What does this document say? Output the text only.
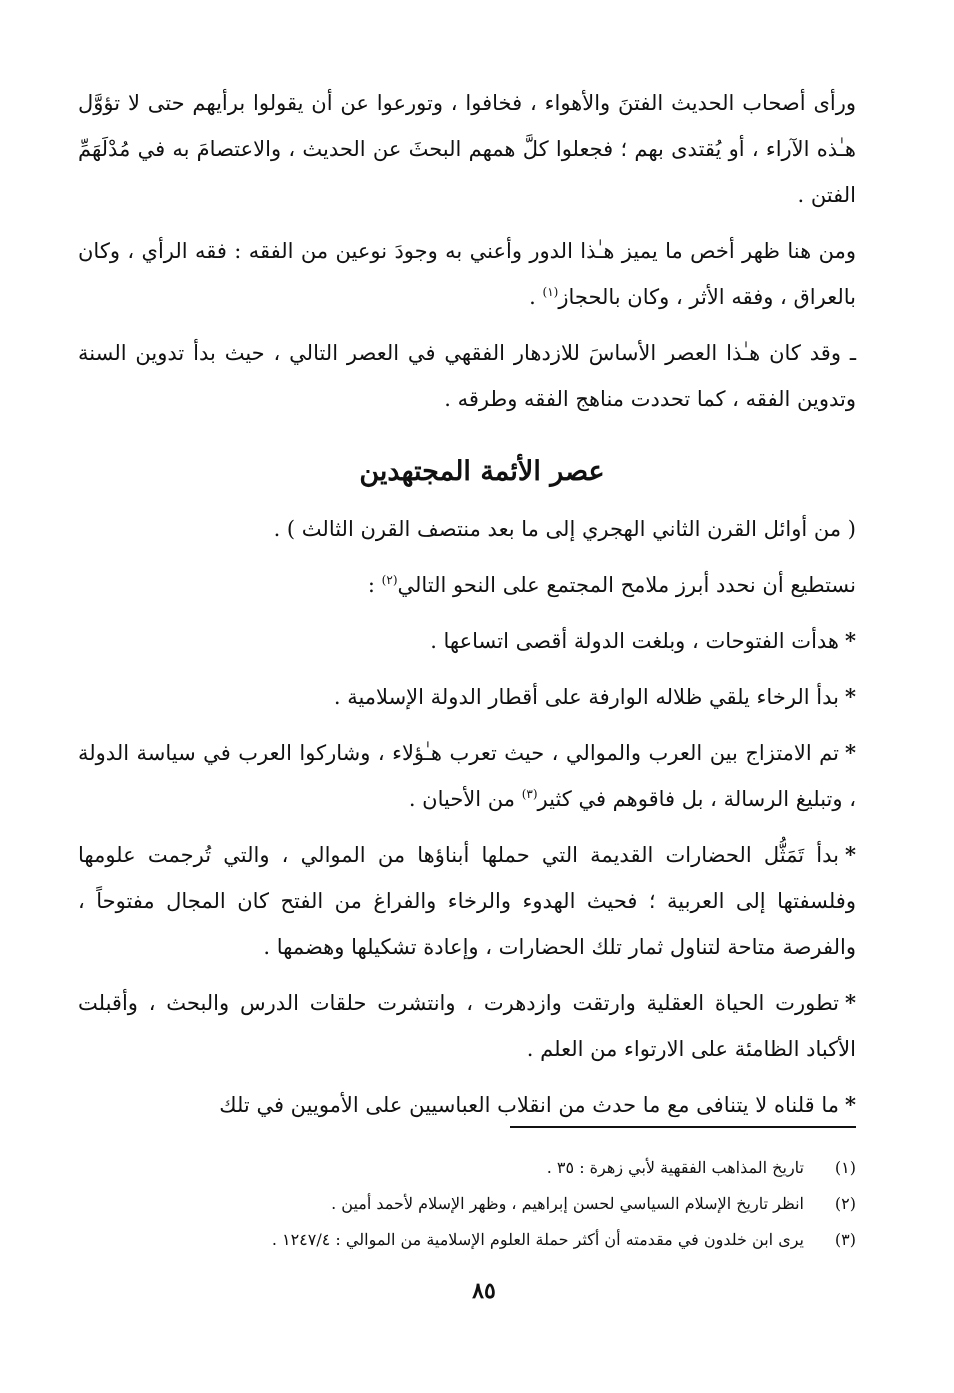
ورأى أصحاب الحديث الفتنَ والأهواء ، فخافوا ، وتورعوا عن أن يقولوا برأيهم حتى لا تؤوَّل هـٰذه الآراء ، أو يُقتدى بهم ؛ فجعلوا كلَّ همهم البحثَ عن الحديث ، والاعتصامَ به في مُدْلَهَمِّ الفتن .

ومن هنا ظهر أخص ما يميز هـٰذا الدور وأعني به وجودَ نوعين من الفقه : فقه الرأي ، وكان بالعراق ، وفقه الأثر ، وكان بالحجاز$^{(١)}$ .

ـ وقد كان هـٰذا العصر الأساسَ للازدهار الفقهي في العصر التالي ، حيث بدأ تدوين السنة وتدوين الفقه ، كما تحددت مناهج الفقه وطرقه .

عصر الأئمة المجتهدين

( من أوائل القرن الثاني الهجري إلى ما بعد منتصف القرن الثالث ) .

نستطيع أن نحدد أبرز ملامح المجتمع على النحو التالي$^{(٢)}$ :

*هدأت الفتوحات ، وبلغت الدولة أقصى اتساعها .

*بدأ الرخاء يلقي ظلاله الوارفة على أقطار الدولة الإسلامية .

*تم الامتزاج بين العرب والموالي ، حيث تعرب هـٰؤلاء ، وشاركوا العرب في سياسة الدولة ، وتبليغ الرسالة ، بل فاقوهم في كثير$^{(٣)}$ من الأحيان .

*بدأ تَمَثُّل الحضارات القديمة التي حملها أبناؤها من الموالي ، والتي تُرجمت علومها وفلسفتها إلى العربية ؛ فحيث الهدوء والرخاء والفراغ من الفتح كان المجال مفتوحاً ، والفرصة متاحة لتناول ثمار تلك الحضارات ، وإعادة تشكيلها وهضمها .

*تطورت الحياة العقلية وارتقت وازدهرت ، وانتشرت حلقات الدرس والبحث ، وأقبلت الأكباد الظامئة على الارتواء من العلم .

*ما قلناه لا يتنافى مع ما حدث من انقلاب العباسيين على الأمويين في تلك

(١)
تاريخ المذاهب الفقهية لأبي زهرة : ٣٥ .
(٢)
انظر تاريخ الإسلام السياسي لحسن إبراهيم ، وظهر الإسلام لأحمد أمين .
(٣)
يرى ابن خلدون في مقدمته أن أكثر حملة العلوم الإسلامية من الموالي : ١٢٤٧/٤ .
٨٥
